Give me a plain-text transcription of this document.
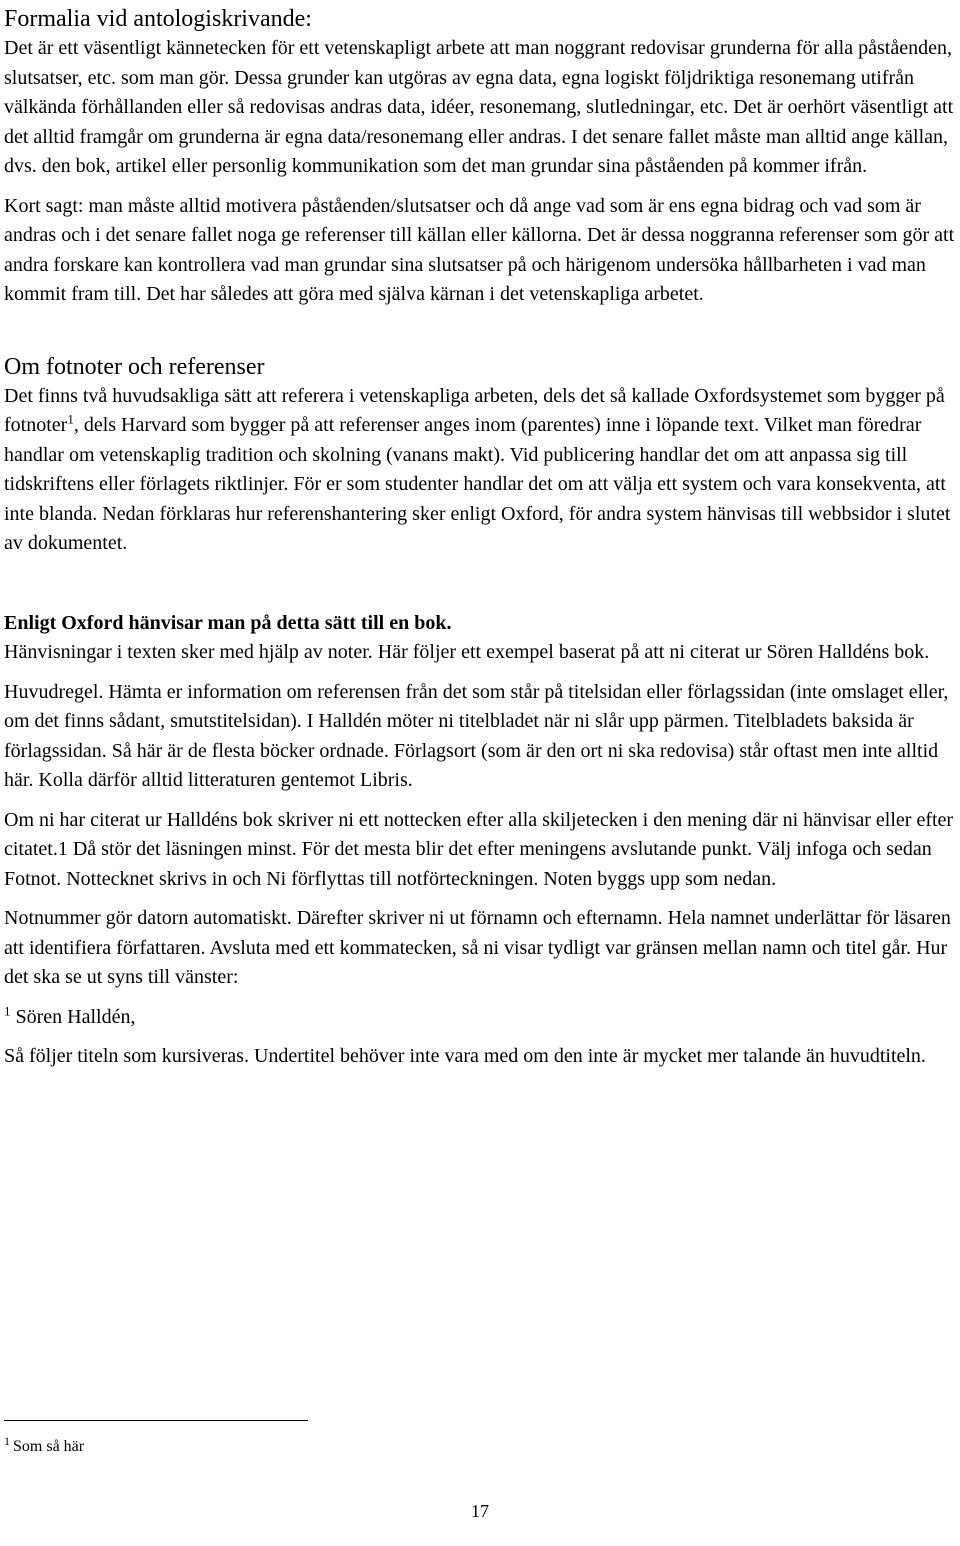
Formalia vid antologiskrivande:

Det är ett väsentligt kännetecken för ett vetenskapligt arbete att man noggrant redovisar grunderna för alla påståenden, slutsatser, etc. som man gör. Dessa grunder kan utgöras av egna data, egna logiskt följdriktiga resonemang utifrån välkända förhållanden eller så redovisas andras data, idéer, resonemang, slutledningar, etc. Det är oerhört väsentligt att det alltid framgår om grunderna är egna data/resonemang eller andras. I det senare fallet måste man alltid ange källan, dvs. den bok, artikel eller personlig kommunikation som det man grundar sina påståenden på kommer ifrån.

Kort sagt: man måste alltid motivera påståenden/slutsatser och då ange vad som är ens egna bidrag och vad som är andras och i det senare fallet noga ge referenser till källan eller källorna. Det är dessa noggranna referenser som gör att andra forskare kan kontrollera vad man grundar sina slutsatser på och härigenom undersöka hållbarheten i vad man kommit fram till. Det har således att göra med själva kärnan i det vetenskapliga arbetet.

Om fotnoter och referenser

Det finns två huvudsakliga sätt att referera i vetenskapliga arbeten, dels det så kallade Oxfordsystemet som bygger på fotnoter$^1$, dels Harvard som bygger på att referenser anges inom (parentes) inne i löpande text. Vilket man föredrar handlar om vetenskaplig tradition och skolning (vanans makt). Vid publicering handlar det om att anpassa sig till tidskriftens eller förlagets riktlinjer. För er som studenter handlar det om att välja ett system och vara konsekventa, att inte blanda. Nedan förklaras hur referenshantering sker enligt Oxford, för andra system hänvisas till webbsidor i slutet av dokumentet.

Enligt Oxford hänvisar man på detta sätt till en bok.

Hänvisningar i texten sker med hjälp av noter. Här följer ett exempel baserat på att ni citerat ur Sören Halldéns bok.

Huvudregel. Hämta er information om referensen från det som står på titelsidan eller förlagssidan (inte omslaget eller, om det finns sådant, smutstitelsidan). I Halldén möter ni titelbladet när ni slår upp pärmen. Titelbladets baksida är förlagssidan. Så här är de flesta böcker ordnade. Förlagsort (som är den ort ni ska redovisa) står oftast men inte alltid här. Kolla därför alltid litteraturen gentemot Libris.

Om ni har citerat ur Halldéns bok skriver ni ett nottecken efter alla skiljetecken i den mening där ni hänvisar eller efter citatet.1 Då stör det läsningen minst. För det mesta blir det efter meningens avslutande punkt. Välj infoga och sedan Fotnot. Nottecknet skrivs in och Ni förflyttas till notförteckningen. Noten byggs upp som nedan.

Notnummer gör datorn automatiskt. Därefter skriver ni ut förnamn och efternamn. Hela namnet underlättar för läsaren att identifiera författaren. Avsluta med ett kommatecken, så ni visar tydligt var gränsen mellan namn och titel går. Hur det ska se ut syns till vänster:

$^1$ Sören Halldén,

Så följer titeln som kursiveras. Undertitel behöver inte vara med om den inte är mycket mer talande än huvudtiteln.

$^1$ Som så här
17
